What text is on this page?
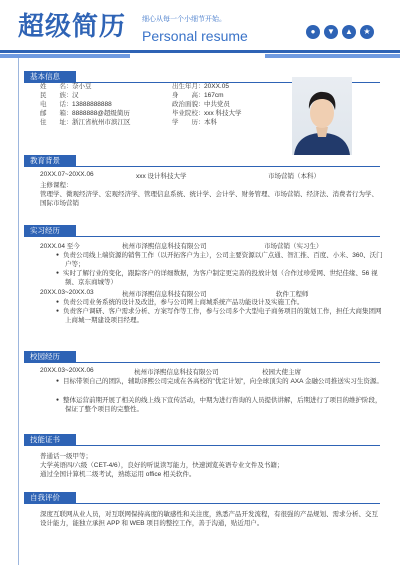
超级简历 细心从每一个小细节开始。
Personal resume	●	▼	▲	★
基本信息
姓　　名：奈小豆
民　　族：汉
电　　话：13888888888
邮　　箱：8888888@超级简历
住　　址：浙江省杭州市滨江区
出生年月：20XX.05
身　　高：167cm
政治面貌：中共党员
毕业院校：xxx 科技大学
学　　历：本科
教育背景
20XX.07~20XX.06	xxx 设计科技大学	市场营销（本科）
主修课程：
管理学、微观经济学、宏观经济学、管理信息系统、统计学、会计学、财务管理、市场营销、经济法、消费者行为学、国际市场营销
实习经历
20XX.04 至今	杭州市泽熙信息科技有限公司	市场营销（实习生）
● 负责公司线上端资源的销售工作（以开拓客户为主），公司主要资源以广点通、智汇推、百度、小米、360、沃门户等；
● 实时了解行业的变化，跟踪客户的详细数据，为客户制定更完善的投放计划（合作过珍爱网、世纪佳缘、56 视频、京东商城等）
20XX.03~20XX.03	杭州市泽熙信息科技有限公司	软件工程师
● 负责公司业务系统的设计及改进，参与公司网上商城系统产品功能设计及实施工作。
● 负责客户调研、客户需求分析、方案写作等工作，参与公司多个大型电子商务项目的策划工作，担任大商集团网上商城一期建设项目经理。
校园经历
20XX.03~20XX.06	杭州市泽熙信息科技有限公司	校园大使主席
● 目标带领自己的团队，辅助泽熙公司完成在各高校的"优定计划"，向全球顶尖的 AXA 金融公司推送实习生资源。
● 整体运营前期开展了相关的线上线下宣传活动，中期为进行咨询的人员提供讲解，后期进行了项目的维护阶段，保证了整个项目的完整性。
技能证书
普通话一级甲等；
大学英语四/六级（CET-4/6），良好的听说读写能力，快速浏览英语专业文件及书籍；
通过全国计算机二级考试，熟练运用 office 相关软件。
自我评价
深度互联网从业人员，对互联网保持高度的敏感性和关注度，熟悉产品开发流程，有很强的产品规划、需求分析、交互设计能力，能独立承担 APP 和 WEB 项目的整控工作，善于沟通，贴近用户。
